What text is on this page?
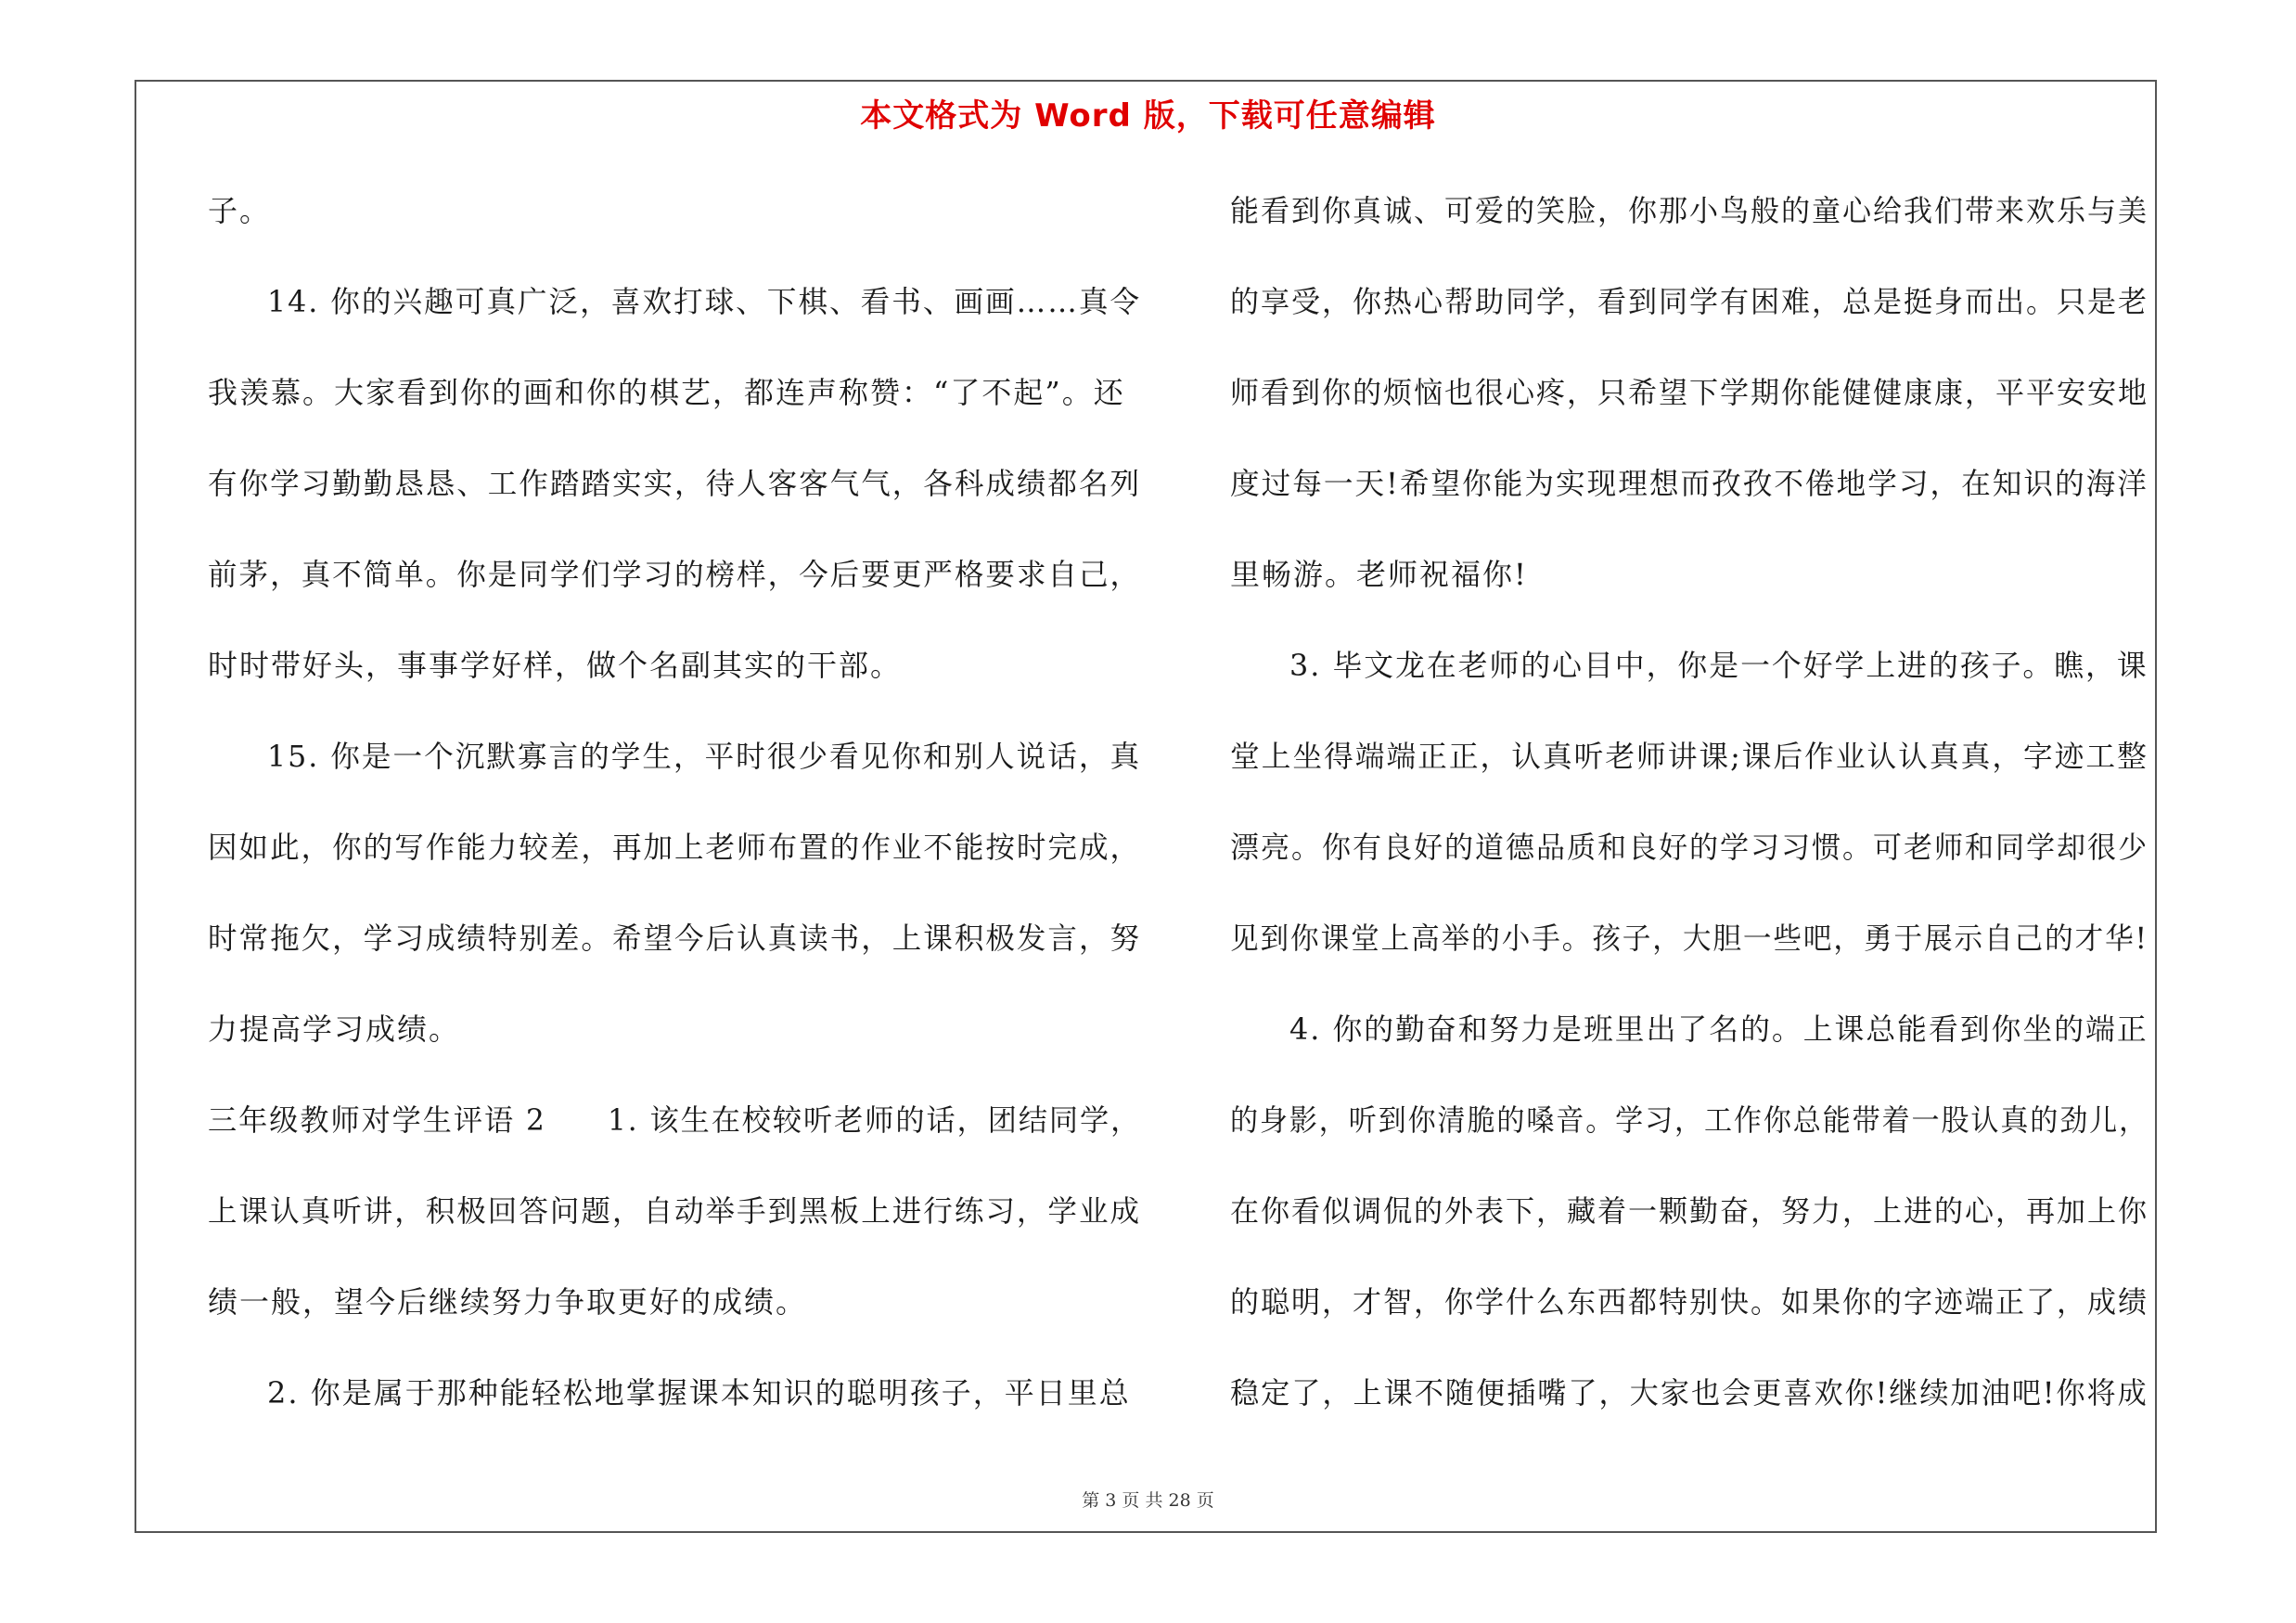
本文格式为 Word 版，下载可任意编辑
子。
14. 你的兴趣可真广泛，喜欢打球、下棋、看书、画画……真令
我羡慕。大家看到你的画和你的棋艺，都连声称赞：“了不起”。还
有你学习勤勤恳恳、工作踏踏实实，待人客客气气，各科成绩都名列
前茅，真不简单。你是同学们学习的榜样，今后要更严格要求自己，
时时带好头，事事学好样，做个名副其实的干部。
15. 你是一个沉默寡言的学生，平时很少看见你和别人说话，真
因如此，你的写作能力较差，再加上老师布置的作业不能按时完成，
时常拖欠，学习成绩特别差。希望今后认真读书，上课积极发言，努
力提高学习成绩。
三年级教师对学生评语 2　　1. 该生在校较听老师的话，团结同学，
上课认真听讲，积极回答问题，自动举手到黑板上进行练习，学业成
绩一般，望今后继续努力争取更好的成绩。
2. 你是属于那种能轻松地掌握课本知识的聪明孩子，平日里总
能看到你真诚、可爱的笑脸，你那小鸟般的童心给我们带来欢乐与美
的享受，你热心帮助同学，看到同学有困难，总是挺身而出。只是老
师看到你的烦恼也很心疼，只希望下学期你能健健康康，平平安安地
度过每一天!希望你能为实现理想而孜孜不倦地学习，在知识的海洋
里畅游。老师祝福你!
3. 毕文龙在老师的心目中，你是一个好学上进的孩子。瞧，课
堂上坐得端端正正，认真听老师讲课;课后作业认认真真，字迹工整
漂亮。你有良好的道德品质和良好的学习习惯。可老师和同学却很少
见到你课堂上高举的小手。孩子，大胆一些吧，勇于展示自己的才华!
4. 你的勤奋和努力是班里出了名的。上课总能看到你坐的端正
的身影，听到你清脆的嗓音。学习，工作你总能带着一股认真的劲儿，
在你看似调侃的外表下，藏着一颗勤奋，努力，上进的心，再加上你
的聪明，才智，你学什么东西都特别快。如果你的字迹端正了，成绩
稳定了，上课不随便插嘴了，大家也会更喜欢你!继续加油吧!你将成
第 3 页 共 28 页
